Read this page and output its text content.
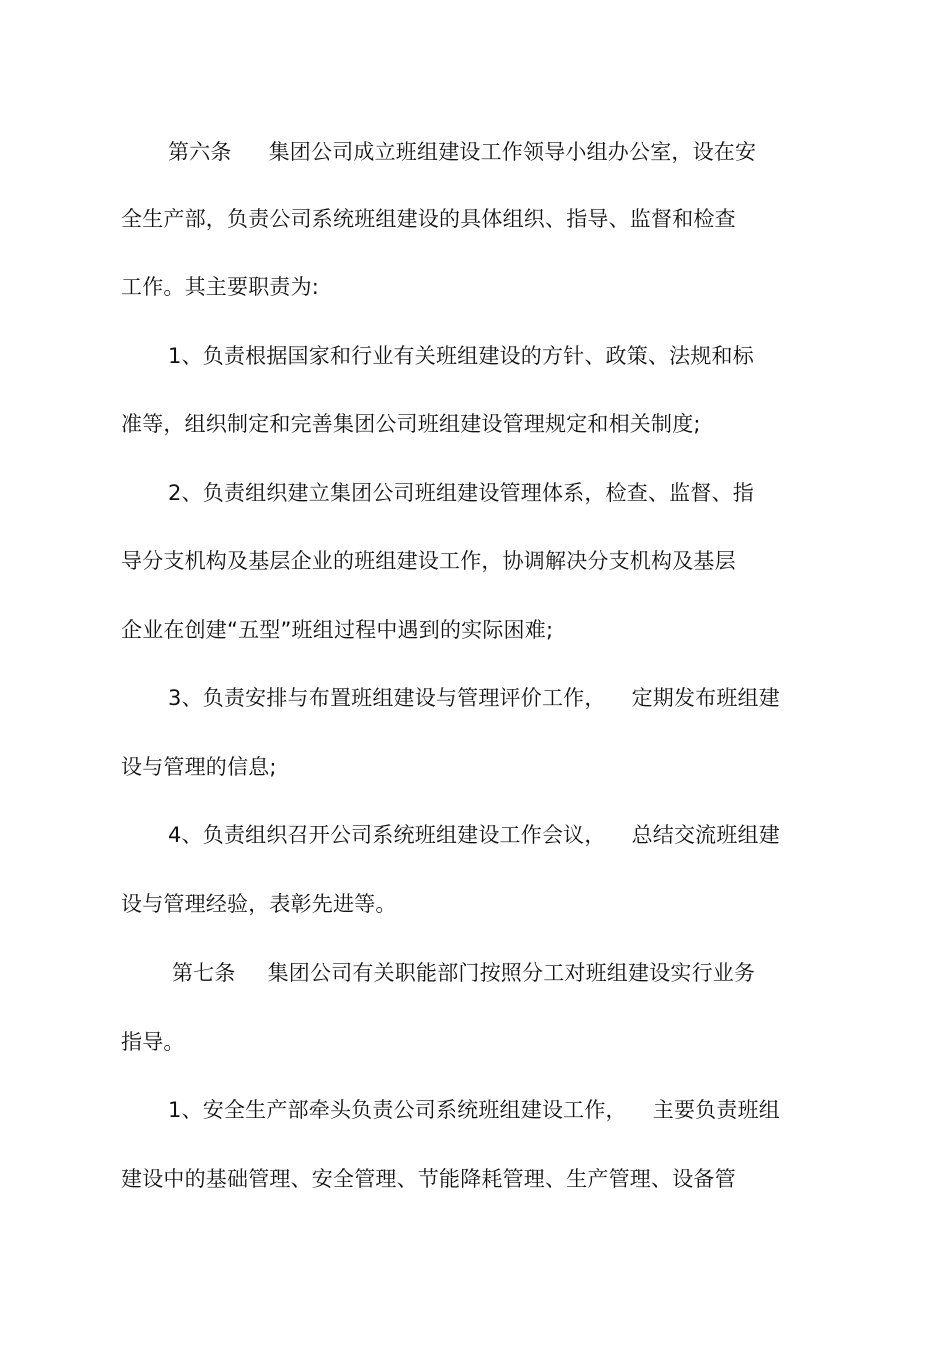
第六条 集团公司成立班组建设工作领导小组办公室，设在安
全生产部，负责公司系统班组建设的具体组织、指导、监督和检查
工作。其主要职责为:
1、负责根据国家和行业有关班组建设的方针、政策、法规和标
准等，组织制定和完善集团公司班组建设管理规定和相关制度;
2、负责组织建立集团公司班组建设管理体系，检查、监督、指
导分支机构及基层企业的班组建设工作，协调解决分支机构及基层
企业在创建“五型”班组过程中遇到的实际困难;
3、负责安排与布置班组建设与管理评价工作， 定期发布班组建
设与管理的信息;
4、负责组织召开公司系统班组建设工作会议， 总结交流班组建
设与管理经验，表彰先进等。
第七条 集团公司有关职能部门按照分工对班组建设实行业务
指导。
1、安全生产部牵头负责公司系统班组建设工作， 主要负责班组
建设中的基础管理、安全管理、节能降耗管理、生产管理、设备管
